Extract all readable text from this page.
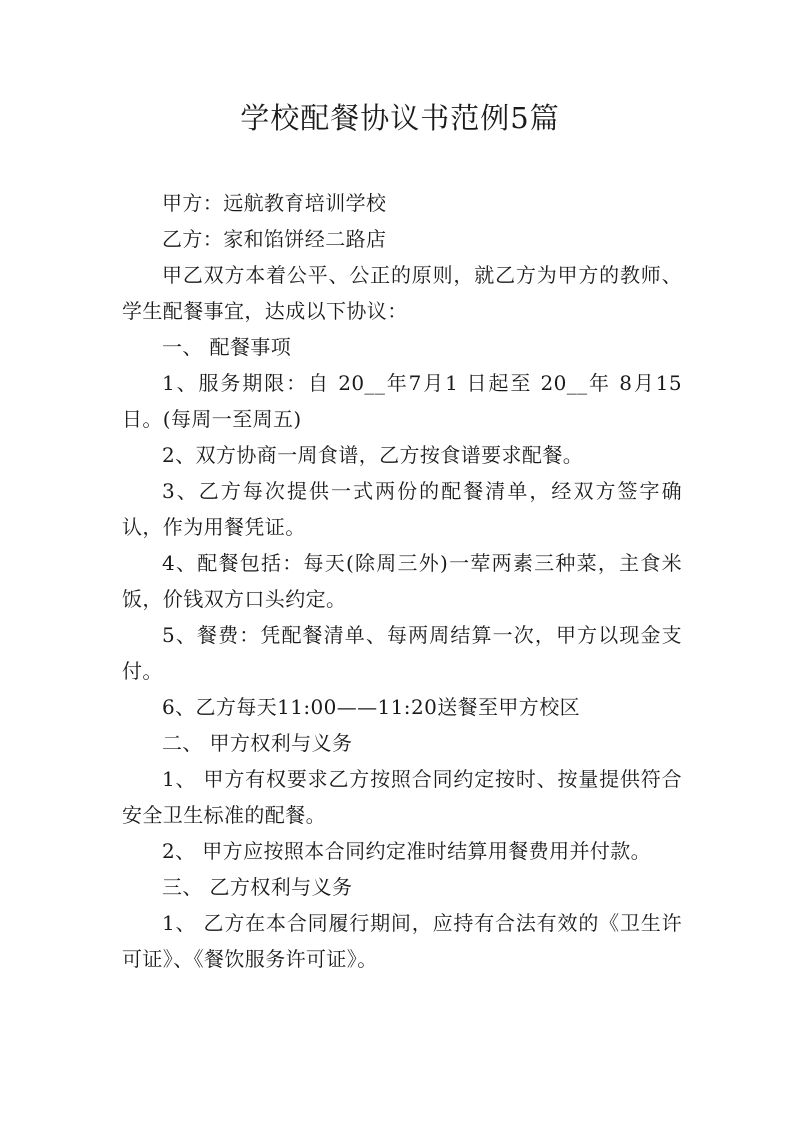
学校配餐协议书范例5篇

甲方：远航教育培训学校

乙方：家和馅饼经二路店

甲乙双方本着公平、公正的原则，就乙方为甲方的教师、学生配餐事宜，达成以下协议：

一、 配餐事项

1、服务期限：自 20__年7月1 日起至 20__年 8月15日。(每周一至周五)

2、双方协商一周食谱，乙方按食谱要求配餐。

3、乙方每次提供一式两份的配餐清单，经双方签字确认，作为用餐凭证。

4、配餐包括：每天(除周三外)一荤两素三种菜，主食米饭，价钱双方口头约定。

5、餐费：凭配餐清单、每两周结算一次，甲方以现金支付。

6、乙方每天11:00——11:20送餐至甲方校区

二、 甲方权利与义务

1、 甲方有权要求乙方按照合同约定按时、按量提供符合安全卫生标准的配餐。

2、 甲方应按照本合同约定准时结算用餐费用并付款。

三、 乙方权利与义务

1、 乙方在本合同履行期间，应持有合法有效的《卫生许可证》、《餐饮服务许可证》。
